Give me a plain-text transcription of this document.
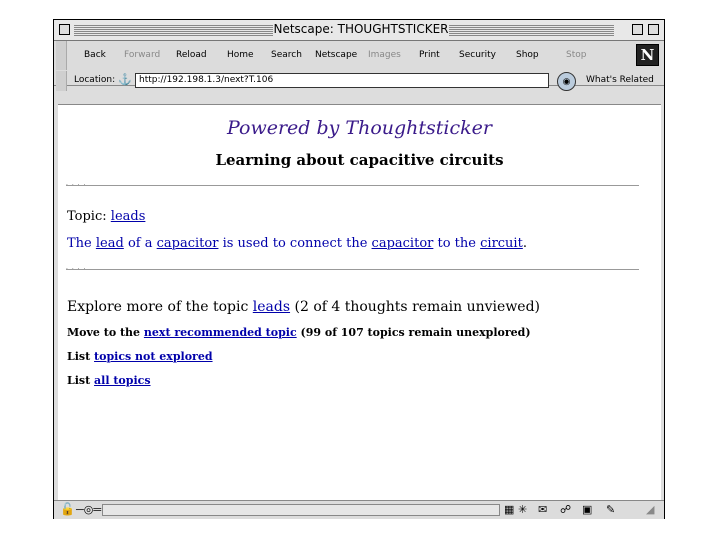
Netscape: THOUGHTSTICKER
Back Forward Reload Home Search Netscape Images Print Security Shop	Stop	N
Location: ⚓ http://192.198.1.3/next?T.106	◉	What's Related
Powered by Thoughtsticker
Learning about capacitive circuits
· · · ·
Topic: leads
The lead of a capacitor is used to connect the capacitor to the circuit.
· · · ·
Explore more of the topic leads (2 of 4 thoughts remain unviewed)
Move to the next recommended topic (99 of 107 topics remain unexplored)
List topics not explored
List all topics
🔓 ─◎═	▦ ✳ ✉ ☍ ▣ ✎	◢
